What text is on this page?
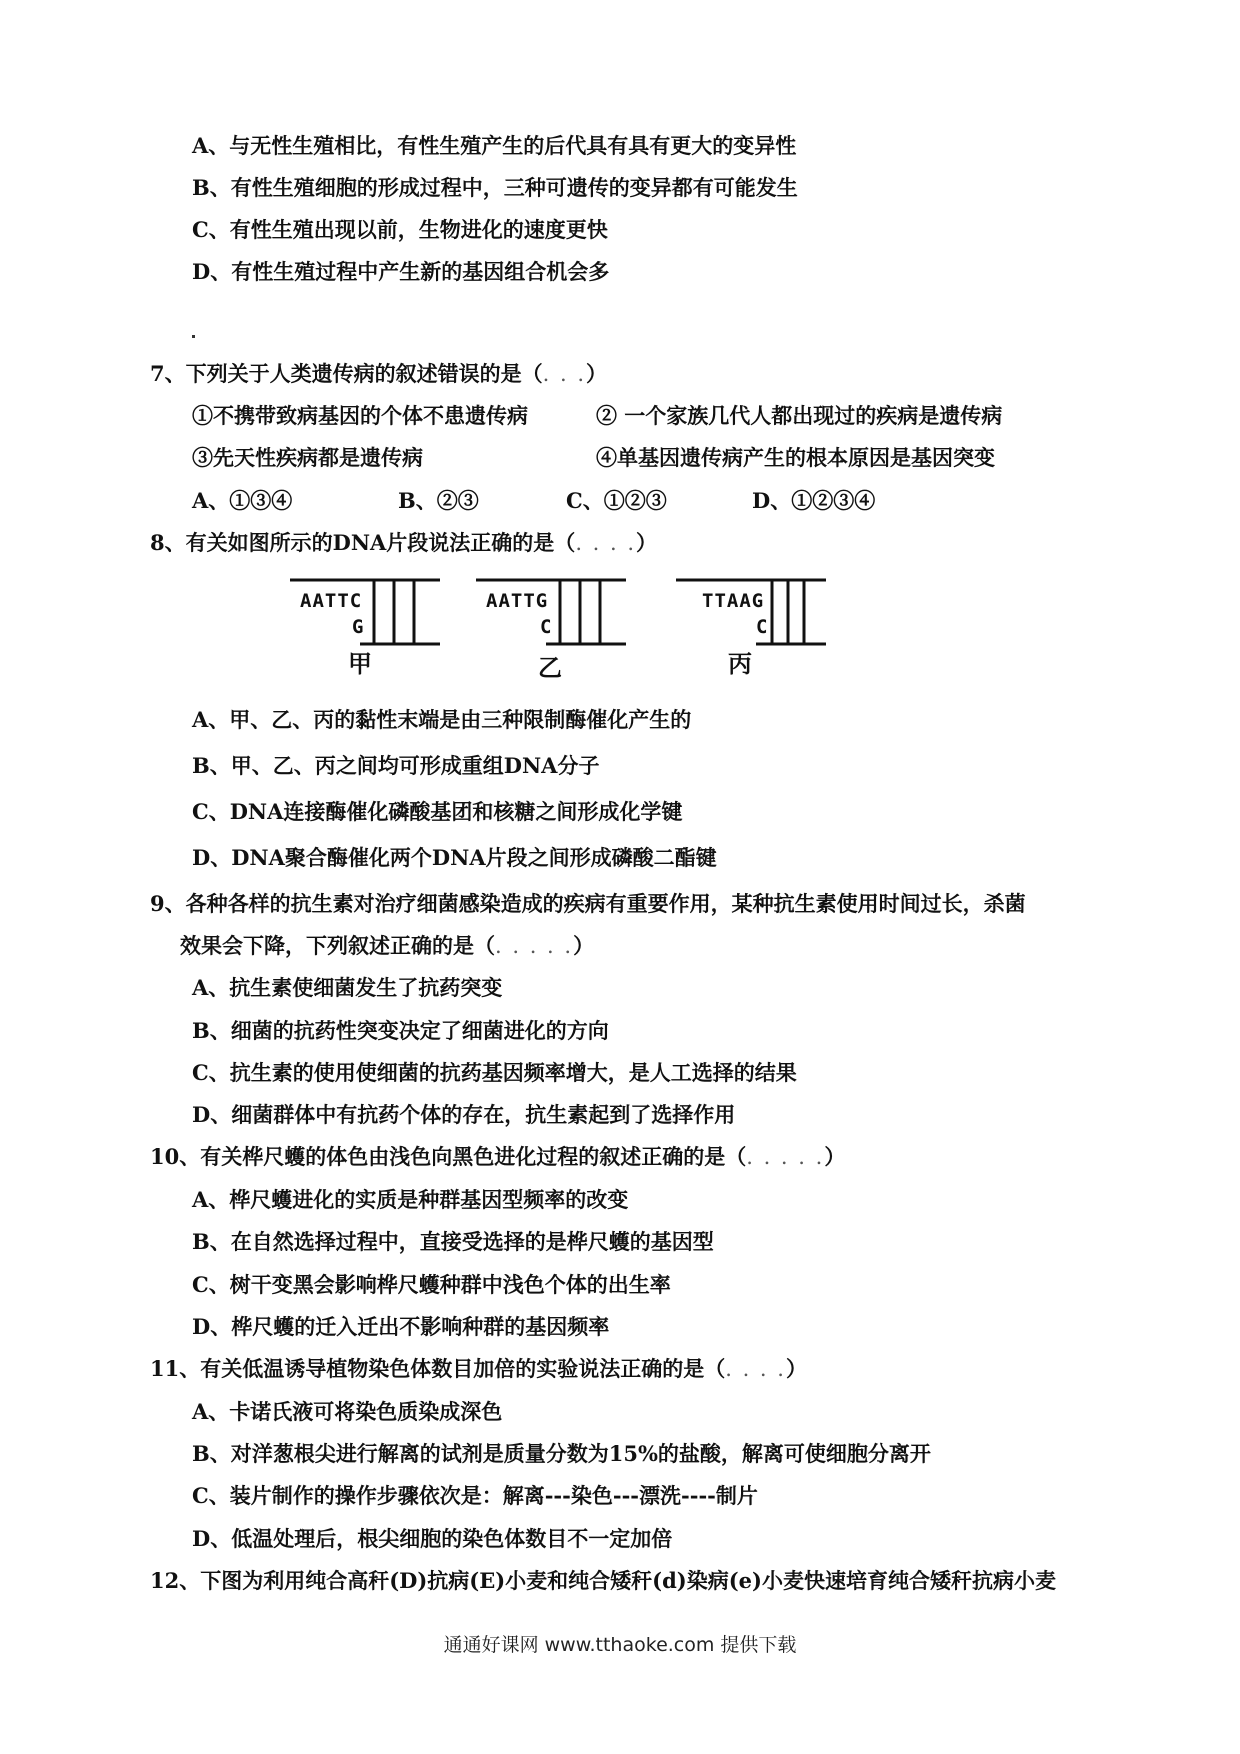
A、与无性生殖相比，有性生殖产生的后代具有具有更大的变异性
B、有性生殖细胞的形成过程中，三种可遗传的变异都有可能发生
C、有性生殖出现以前，生物进化的速度更快
D、有性生殖过程中产生新的基因组合机会多
7、下列关于人类遗传病的叙述错误的是（. . .）
①不携带致病基因的个体不患遗传病	② 一个家族几代人都出现过的疾病是遗传病
③先天性疾病都是遗传病	④单基因遗传病产生的根本原因是基因突变
A、①③④	B、②③	C、①②③	D、①②③④
8、有关如图所示的DNA片段说法正确的是（. . . .）
AATTC
G
甲
AATTG
C
乙
TTAAG
C
丙
A、甲、乙、丙的黏性末端是由三种限制酶催化产生的
B、甲、乙、丙之间均可形成重组DNA分子
C、DNA连接酶催化磷酸基团和核糖之间形成化学键
D、DNA聚合酶催化两个DNA片段之间形成磷酸二酯键
9、各种各样的抗生素对治疗细菌感染造成的疾病有重要作用，某种抗生素使用时间过长，杀菌
效果会下降，下列叙述正确的是（. . . . .）
A、抗生素使细菌发生了抗药突变
B、细菌的抗药性突变决定了细菌进化的方向
C、抗生素的使用使细菌的抗药基因频率增大，是人工选择的结果
D、细菌群体中有抗药个体的存在，抗生素起到了选择作用
10、有关桦尺蠖的体色由浅色向黑色进化过程的叙述正确的是（. . . . .）
A、桦尺蠖进化的实质是种群基因型频率的改变
B、在自然选择过程中，直接受选择的是桦尺蠖的基因型
C、树干变黑会影响桦尺蠖种群中浅色个体的出生率
D、桦尺蠖的迁入迁出不影响种群的基因频率
11、有关低温诱导植物染色体数目加倍的实验说法正确的是（. . . .）
A、卡诺氏液可将染色质染成深色
B、对洋葱根尖进行解离的试剂是质量分数为15%的盐酸，解离可使细胞分离开
C、装片制作的操作步骤依次是：解离---染色---漂洗----制片
D、低温处理后，根尖细胞的染色体数目不一定加倍
12、下图为利用纯合高秆(D)抗病(E)小麦和纯合矮秆(d)染病(e)小麦快速培育纯合矮秆抗病小麦
通通好课网 www.tthaoke.com 提供下载
